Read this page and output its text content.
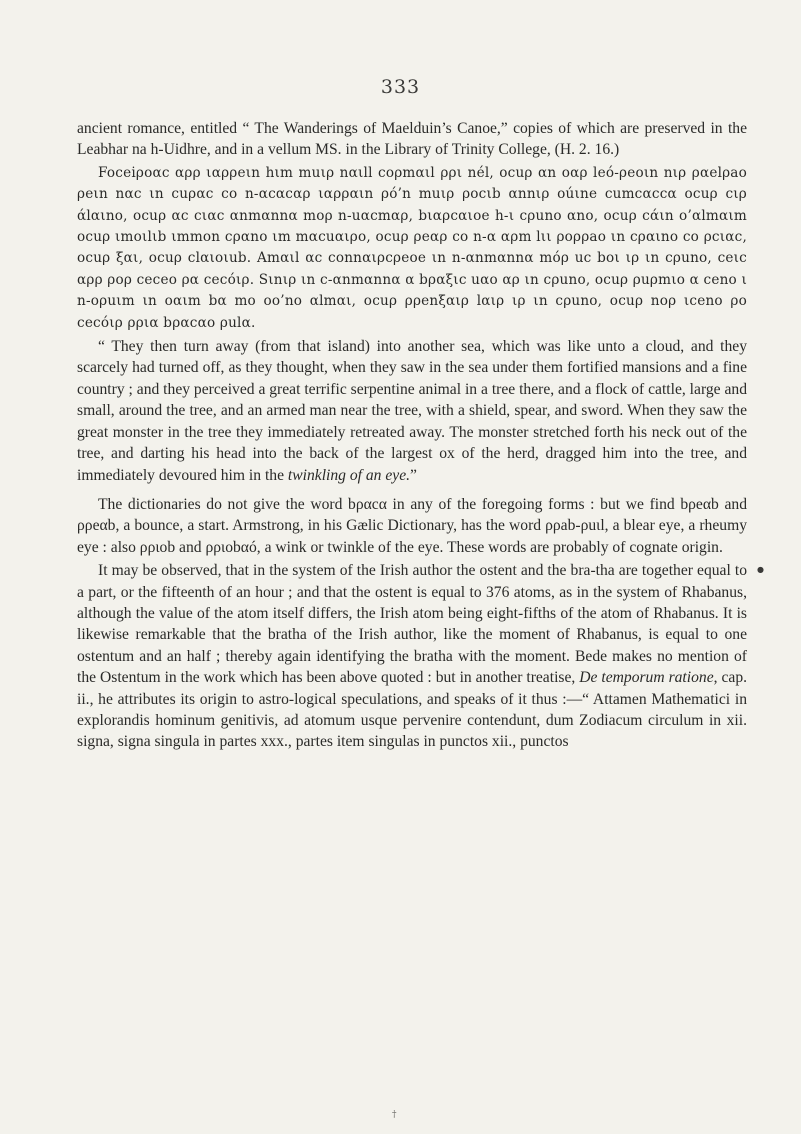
333

ancient romance, entitled “ The Wanderings of Maelduin’s Canoe,” copies of which are preserved in the Leabhar na h-Uidhre, and in a vellum MS. in the Library of Trinity College, (H. 2. 16.)

Foceiρoαc αρρ ιαρρeιn hιm muιρ nαιll coρmαιl ρρι nél, ocuρ αn oαρ leó-ρeoιn nιρ ραelρao ρeιn nαc ιn cuραc co n-αcαcαρ ιαρραιn ρó’n muιρ ρocιb αnnιρ oúιne cumcαccα ocuρ cιρ άlαιno, ocuρ αc cιαc αnmαnnα moρ n-uαcmαρ, bιαρcαιoe h-ι cρuno αno, ocuρ cάιn o’αlmαιm ocuρ ιmoιlιb ιmmon cραno ιm mαcuαιρo, ocuρ ρeαρ co n-α αρm lιι ρορρao ιn cραιno co ρcιαc, ocuρ ξαι, ocuρ clαιoιub. Amαιl αc connαιρcρeoe ιn n-αnmαnnα móρ uc boι ιρ ιn cρuno, ceιc αρρ ρoρ ceceo ρα cecóιρ. Sιnιρ ιn c-αnmαnnα α bραξιc uαo αρ ιn cρuno, ocuρ ρuρmιo α ceno ι n-oρuιm ιn oαιm bα mo oo’no αlmαι, ocuρ ρρenξαιρ lαιρ ιρ ιn cρuno, ocuρ noρ ιcenο ρo cecóιρ ρρια bραcαo ρulα.

“ They then turn away (from that island) into another sea, which was like unto a cloud, and they scarcely had turned off, as they thought, when they saw in the sea under them fortified mansions and a fine country ; and they perceived a great terrific serpentine animal in a tree there, and a flock of cattle, large and small, around the tree, and an armed man near the tree, with a shield, spear, and sword. When they saw the great monster in the tree they immediately retreated away. The monster stretched forth his neck out of the tree, and darting his head into the back of the largest ox of the herd, dragged him into the tree, and immediately devoured him in the twinkling of an eye.”

The dictionaries do not give the word bραcα in any of the foregoing forms : but we find bρeαb and ρρeαb, a bounce, a start. Armstrong, in his Gælic Dictionary, has the word ρρab-ρuιl, a blear eye, a rheumy eye : also ρριob and ρριobαó, a wink or twinkle of the eye. These words are probably of cognate origin.

It may be observed, that in the system of the Irish author the ostent and the bra-tha are together equal to a part, or the fifteenth of an hour ; and that the ostent is equal to 376 atoms, as in the system of Rhabanus, although the value of the atom itself differs, the Irish atom being eight-fifths of the atom of Rhabanus. It is likewise remarkable that the bratha of the Irish author, like the moment of Rhabanus, is equal to one ostentum and an half ; thereby again identifying the bratha with the moment. Bede makes no mention of the Ostentum in the work which has been above quoted : but in another treatise, De temporum ratione, cap. ii., he attributes its origin to astro-logical speculations, and speaks of it thus :—“ Attamen Mathematici in explorandis hominum genitivis, ad atomum usque pervenire contendunt, dum Zodiacum circulum in xii. signa, signa singula in partes xxx., partes item singulas in punctos xii., punctos

●
†
